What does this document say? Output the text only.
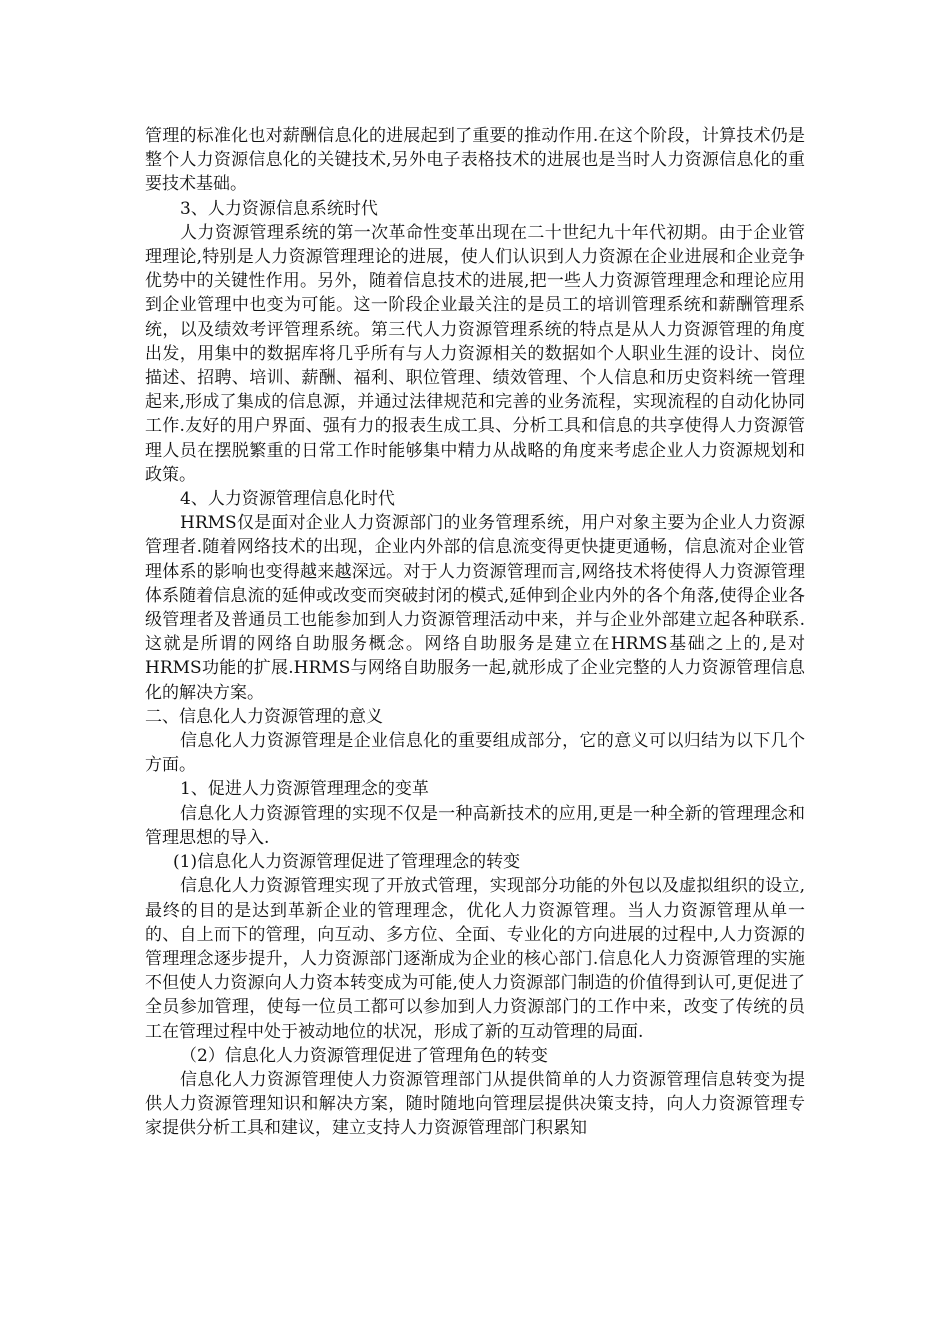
管理的标准化也对薪酬信息化的进展起到了重要的推动作用.在这个阶段，计算技术仍是整个人力资源信息化的关键技术,另外电子表格技术的进展也是当时人力资源信息化的重要技术基础。

3、人力资源信息系统时代

人力资源管理系统的第一次革命性变革出现在二十世纪九十年代初期。由于企业管理理论,特别是人力资源管理理论的进展，使人们认识到人力资源在企业进展和企业竞争优势中的关键性作用。另外，随着信息技术的进展,把一些人力资源管理理念和理论应用到企业管理中也变为可能。这一阶段企业最关注的是员工的培训管理系统和薪酬管理系统，以及绩效考评管理系统。第三代人力资源管理系统的特点是从人力资源管理的角度出发，用集中的数据库将几乎所有与人力资源相关的数据如个人职业生涯的设计、岗位描述、招聘、培训、薪酬、福利、职位管理、绩效管理、个人信息和历史资料统一管理起来,形成了集成的信息源，并通过法律规范和完善的业务流程，实现流程的自动化协同工作.友好的用户界面、强有力的报表生成工具、分析工具和信息的共享使得人力资源管理人员在摆脱繁重的日常工作时能够集中精力从战略的角度来考虑企业人力资源规划和政策。

4、人力资源管理信息化时代

HRMS仅是面对企业人力资源部门的业务管理系统，用户对象主要为企业人力资源管理者.随着网络技术的出现，企业内外部的信息流变得更快捷更通畅，信息流对企业管理体系的影响也变得越来越深远。对于人力资源管理而言,网络技术将使得人力资源管理体系随着信息流的延伸或改变而突破封闭的模式,延伸到企业内外的各个角落,使得企业各级管理者及普通员工也能参加到人力资源管理活动中来，并与企业外部建立起各种联系.这就是所谓的网络自助服务概念。网络自助服务是建立在HRMS基础之上的,是对HRMS功能的扩展.HRMS与网络自助服务一起,就形成了企业完整的人力资源管理信息化的解决方案。

二、信息化人力资源管理的意义

信息化人力资源管理是企业信息化的重要组成部分，它的意义可以归结为以下几个方面。

1、促进人力资源管理理念的变革

信息化人力资源管理的实现不仅是一种高新技术的应用,更是一种全新的管理理念和管理思想的导入.

(1)信息化人力资源管理促进了管理理念的转变

信息化人力资源管理实现了开放式管理，实现部分功能的外包以及虚拟组织的设立,最终的目的是达到革新企业的管理理念，优化人力资源管理。当人力资源管理从单一的、自上而下的管理，向互动、多方位、全面、专业化的方向进展的过程中,人力资源的管理理念逐步提升，人力资源部门逐渐成为企业的核心部门.信息化人力资源管理的实施不但使人力资源向人力资本转变成为可能,使人力资源部门制造的价值得到认可,更促进了全员参加管理，使每一位员工都可以参加到人力资源部门的工作中来，改变了传统的员工在管理过程中处于被动地位的状况，形成了新的互动管理的局面.

（2）信息化人力资源管理促进了管理角色的转变

信息化人力资源管理使人力资源管理部门从提供简单的人力资源管理信息转变为提供人力资源管理知识和解决方案，随时随地向管理层提供决策支持，向人力资源管理专家提供分析工具和建议，建立支持人力资源管理部门积累知
